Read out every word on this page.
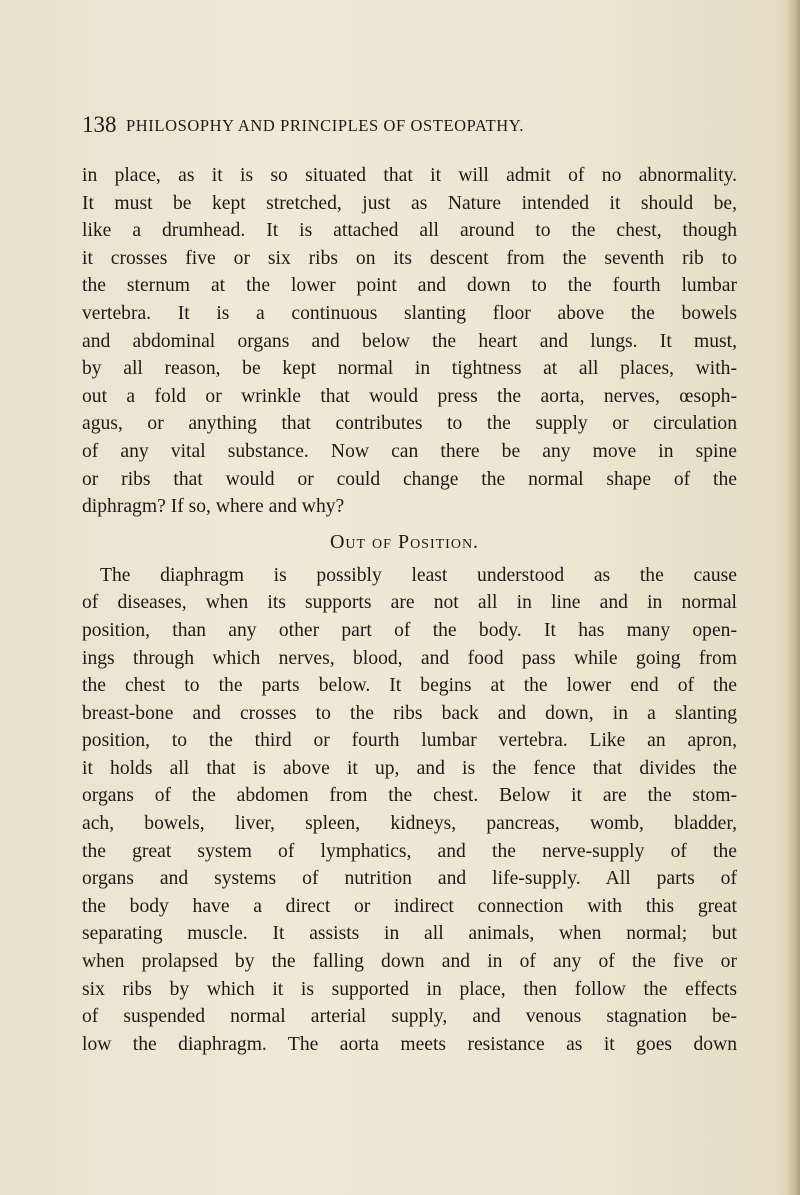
138 PHILOSOPHY AND PRINCIPLES OF OSTEOPATHY.
in place, as it is so situated that it will admit of no abnormality.
It must be kept stretched, just as Nature intended it should be,
like a drumhead. It is attached all around to the chest, though
it crosses five or six ribs on its descent from the seventh rib to
the sternum at the lower point and down to the fourth lumbar
vertebra. It is a continuous slanting floor above the bowels
and abdominal organs and below the heart and lungs. It must,
by all reason, be kept normal in tightness at all places, with-
out a fold or wrinkle that would press the aorta, nerves, œsoph-
agus, or anything that contributes to the supply or circulation
of any vital substance. Now can there be any move in spine
or ribs that would or could change the normal shape of the
diphragm? If so, where and why?
Out of Position.
The diaphragm is possibly least understood as the cause
of diseases, when its supports are not all in line and in normal
position, than any other part of the body. It has many open-
ings through which nerves, blood, and food pass while going from
the chest to the parts below. It begins at the lower end of the
breast-bone and crosses to the ribs back and down, in a slanting
position, to the third or fourth lumbar vertebra. Like an apron,
it holds all that is above it up, and is the fence that divides the
organs of the abdomen from the chest. Below it are the stom-
ach, bowels, liver, spleen, kidneys, pancreas, womb, bladder,
the great system of lymphatics, and the nerve-supply of the
organs and systems of nutrition and life-supply. All parts of
the body have a direct or indirect connection with this great
separating muscle. It assists in all animals, when normal; but
when prolapsed by the falling down and in of any of the five or
six ribs by which it is supported in place, then follow the effects
of suspended normal arterial supply, and venous stagnation be-
low the diaphragm. The aorta meets resistance as it goes down
